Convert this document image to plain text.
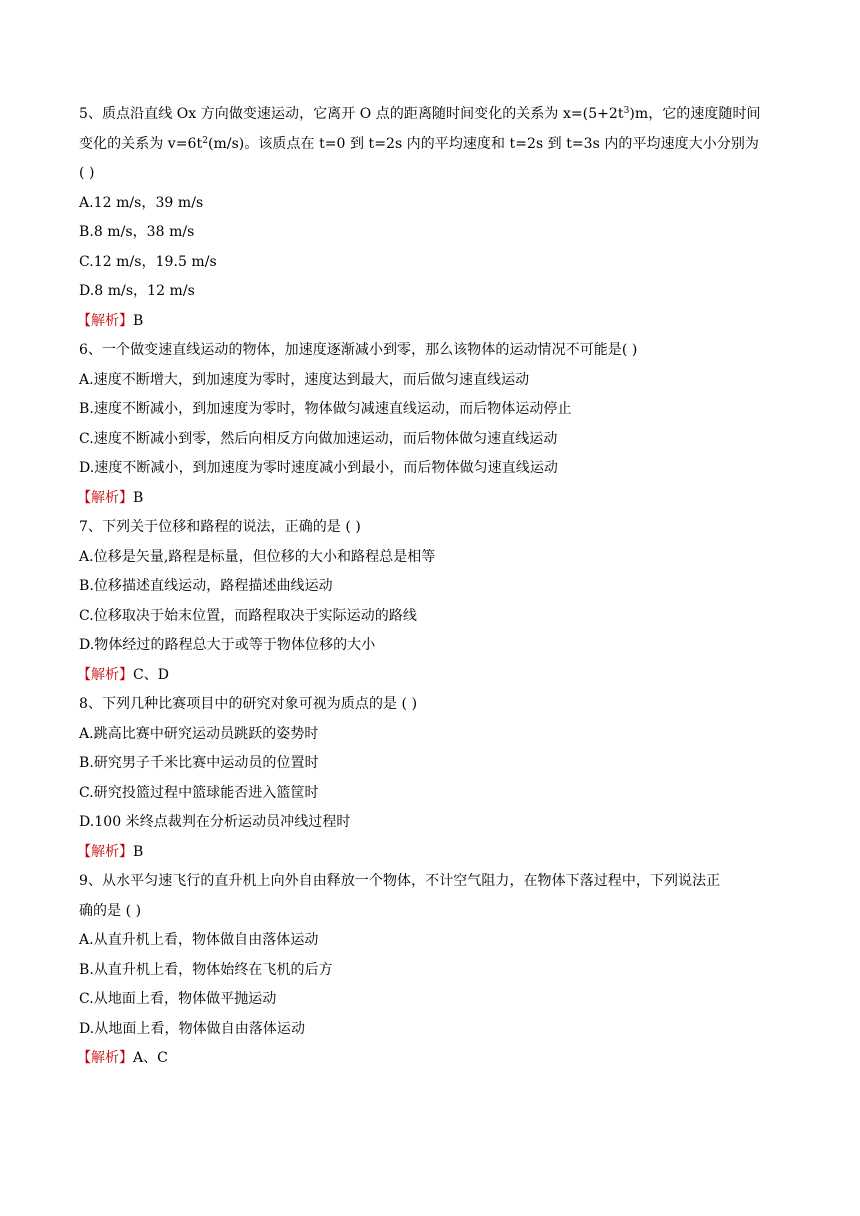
5、质点沿直线 Ox 方向做变速运动，它离开 O 点的距离随时间变化的关系为 $x=(5+2t^3)m$，它的速度随时间
变化的关系为 $v=6t^2(m/s)$。该质点在 t=0 到 t=2s 内的平均速度和 t=2s 到 t=3s 内的平均速度大小分别为
( )
A.12 m/s，39 m/s
B.8 m/s，38 m/s
C.12 m/s，19.5 m/s
D.8 m/s，12 m/s
【解析】B
6、一个做变速直线运动的物体，加速度逐渐减小到零，那么该物体的运动情况不可能是( )
A.速度不断增大，到加速度为零时，速度达到最大，而后做匀速直线运动
B.速度不断减小，到加速度为零时，物体做匀减速直线运动，而后物体运动停止
C.速度不断减小到零，然后向相反方向做加速运动，而后物体做匀速直线运动
D.速度不断减小，到加速度为零时速度减小到最小，而后物体做匀速直线运动
【解析】B
7、下列关于位移和路程的说法，正确的是 ( )
A.位移是矢量,路程是标量，但位移的大小和路程总是相等
B.位移描述直线运动，路程描述曲线运动
C.位移取决于始末位置，而路程取决于实际运动的路线
D.物体经过的路程总大于或等于物体位移的大小
【解析】C、D
8、下列几种比赛项目中的研究对象可视为质点的是 ( )
A.跳高比赛中研究运动员跳跃的姿势时
B.研究男子千米比赛中运动员的位置时
C.研究投篮过程中篮球能否进入篮筐时
D.100 米终点裁判在分析运动员冲线过程时
【解析】B
9、从水平匀速飞行的直升机上向外自由释放一个物体，不计空气阻力，在物体下落过程中，下列说法正
确的是 ( )
A.从直升机上看，物体做自由落体运动
B.从直升机上看，物体始终在飞机的后方
C.从地面上看，物体做平抛运动
D.从地面上看，物体做自由落体运动
【解析】A、C
